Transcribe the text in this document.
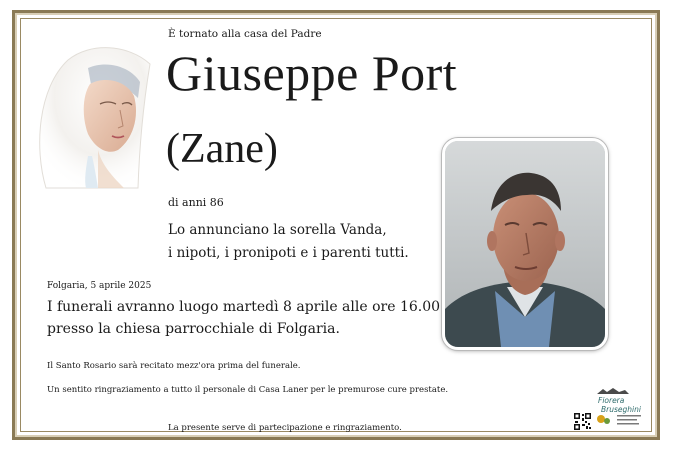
È tornato alla casa del Padre
Giuseppe Port
(Zane)
di anni 86
Lo annunciano la sorella Vanda,
i nipoti, i pronipoti e i parenti tutti.
Folgaria, 5 aprile 2025
I funerali avranno luogo martedì 8 aprile alle ore 16.00
presso la chiesa parrocchiale di Folgaria.
Il Santo Rosario sarà recitato mezz'ora prima del funerale.
Un sentito ringraziamento a tutto il personale di Casa Laner per le premurose cure prestate.
La presente serve di partecipazione e ringraziamento.
Fiorera
Bruseghini
